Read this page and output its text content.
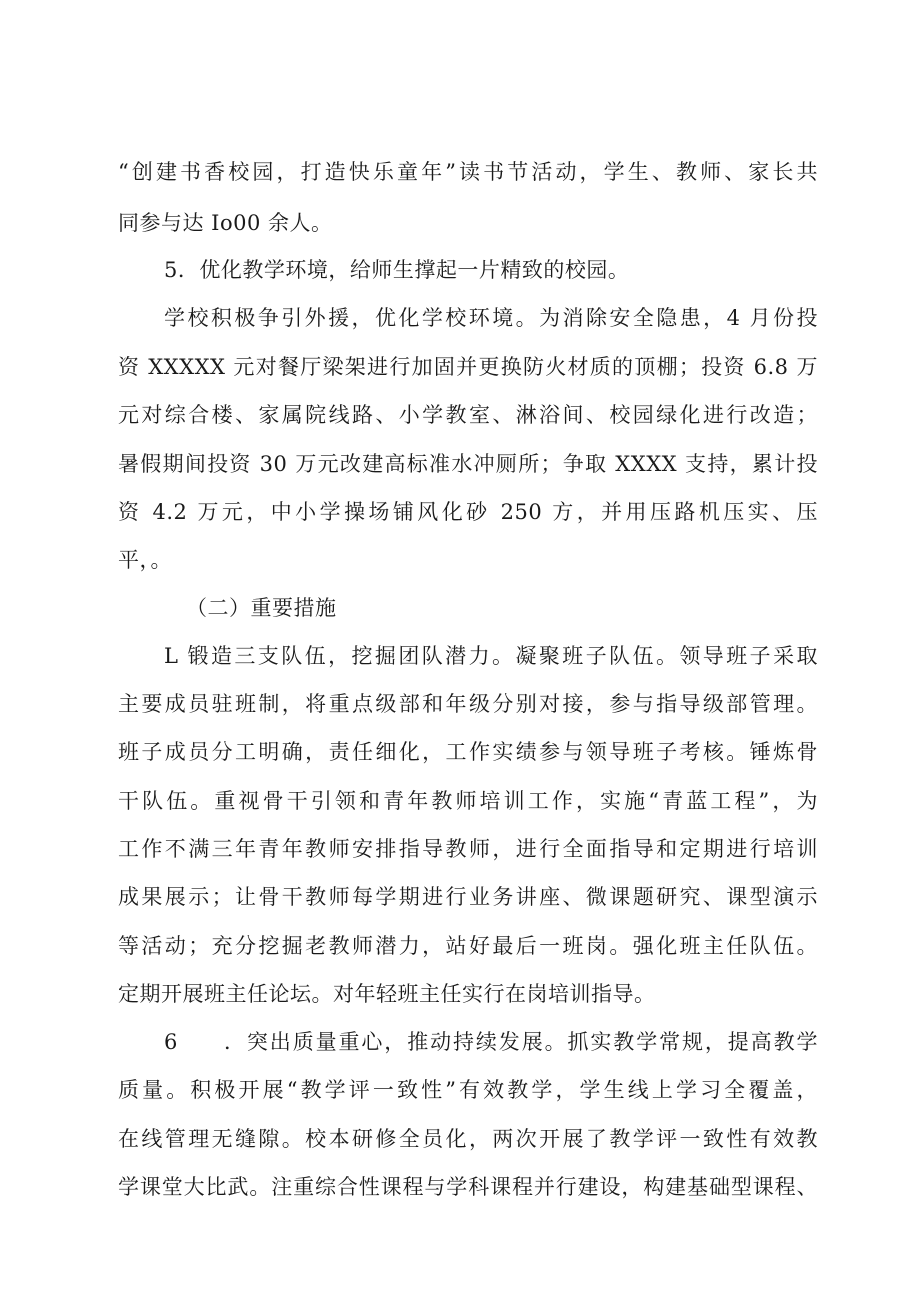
“创建书香校园，打造快乐童年”读书节活动，学生、教师、家长共
同参与达 Io00 余人。
5．优化教学环境，给师生撑起一片精致的校园。
学校积极争引外援，优化学校环境。为消除安全隐患，4 月份投
资 XXXXX 元对餐厅梁架进行加固并更换防火材质的顶棚；投资 6.8 万
元对综合楼、家属院线路、小学教室、淋浴间、校园绿化进行改造；
暑假期间投资 30 万元改建高标准水冲厕所；争取 XXXX 支持，累计投
资 4.2 万元，中小学操场铺风化砂 250 方，并用压路机压实、压
平，。
（二）重要措施
L 锻造三支队伍，挖掘团队潜力。凝聚班子队伍。领导班子采取
主要成员驻班制，将重点级部和年级分别对接，参与指导级部管理。
班子成员分工明确，责任细化，工作实绩参与领导班子考核。锤炼骨
干队伍。重视骨干引领和青年教师培训工作，实施“青蓝工程”，为
工作不满三年青年教师安排指导教师，进行全面指导和定期进行培训
成果展示；让骨干教师每学期进行业务讲座、微课题研究、课型演示
等活动；充分挖掘老教师潜力，站好最后一班岗。强化班主任队伍。
定期开展班主任论坛。对年轻班主任实行在岗培训指导。
6 ．突出质量重心，推动持续发展。抓实教学常规，提高教学
质量。积极开展“教学评一致性”有效教学，学生线上学习全覆盖，
在线管理无缝隙。校本研修全员化，两次开展了教学评一致性有效教
学课堂大比武。注重综合性课程与学科课程并行建设，构建基础型课程、
